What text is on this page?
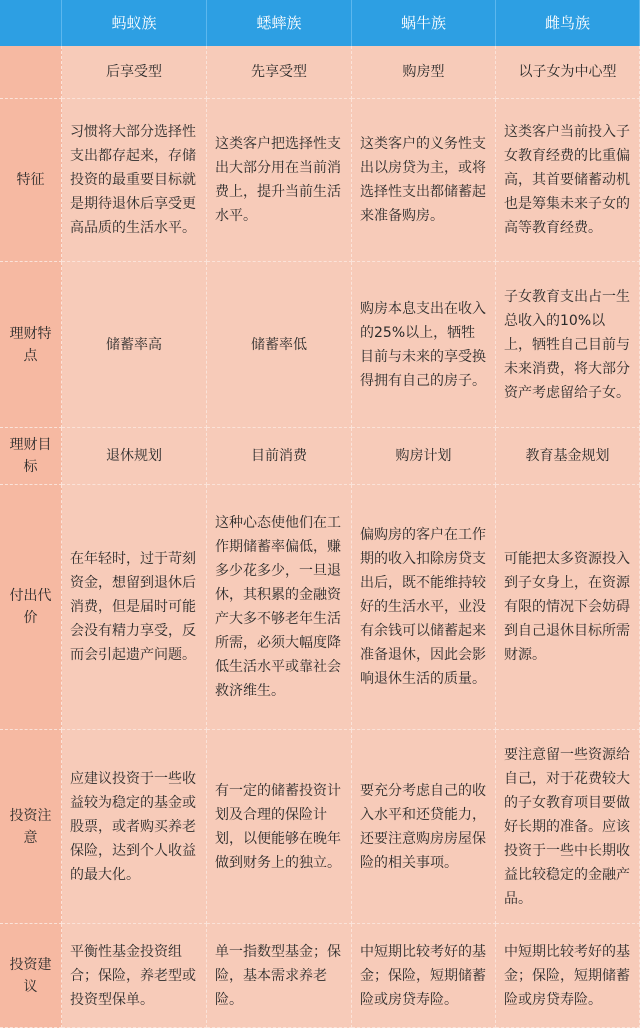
	蚂蚁族	蟋蟀族	蜗牛族	雌鸟族
	后享受型	先享受型	购房型	以子女为中心型
特征	习惯将大部分选择性支出都存起来，存储投资的最重要目标就是期待退休后享受更高品质的生活水平。	这类客户把选择性支出大部分用在当前消费上，提升当前生活水平。	这类客户的义务性支出以房贷为主，或将选择性支出都储蓄起来准备购房。	这类客户当前投入子女教育经费的比重偏高，其首要储蓄动机也是筹集未来子女的高等教育经费。
理财特点	储蓄率高	储蓄率低	购房本息支出在收入的25%以上，牺牲目前与未来的享受换得拥有自己的房子。	子女教育支出占一生总收入的10%以上，牺牲自己目前与未来消费，将大部分资产考虑留给子女。
理财目标	退休规划	目前消费	购房计划	教育基金规划
付出代价	在年轻时，过于苛刻资金，想留到退休后消费，但是届时可能会没有精力享受，反而会引起遗产问题。	这种心态使他们在工作期储蓄率偏低，赚多少花多少，一旦退休，其积累的金融资产大多不够老年生活所需，必须大幅度降低生活水平或靠社会救济维生。	偏购房的客户在工作期的收入扣除房贷支出后，既不能维持较好的生活水平，业没有余钱可以储蓄起来准备退休，因此会影响退休生活的质量。	可能把太多资源投入到子女身上，在资源有限的情况下会妨碍到自己退休目标所需财源。
投资注意	应建议投资于一些收益较为稳定的基金或股票，或者购买养老保险，达到个人收益的最大化。	有一定的储蓄投资计划及合理的保险计划，以便能够在晚年做到财务上的独立。	要充分考虑自己的收入水平和还贷能力，还要注意购房房屋保险的相关事项。	要注意留一些资源给自己，对于花费较大的子女教育项目要做好长期的准备。应该投资于一些中长期收益比较稳定的金融产品。
投资建议	平衡性基金投资组合；保险，养老型或投资型保单。	单一指数型基金；保险，基本需求养老险。	中短期比较考好的基金；保险，短期储蓄险或房贷寿险。	中短期比较考好的基金；保险，短期储蓄险或房贷寿险。
